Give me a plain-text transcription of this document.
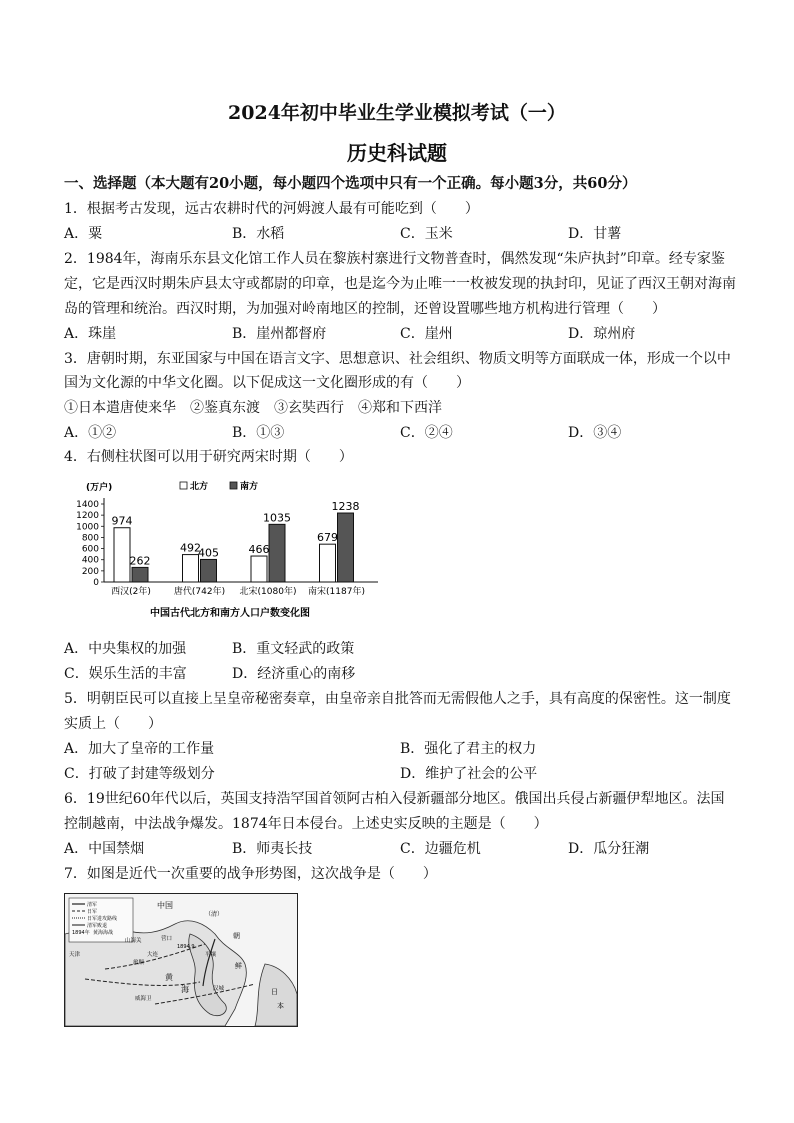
2024年初中毕业生学业模拟考试（一）
历史科试题
一、选择题（本大题有20小题，每小题四个选项中只有一个正确。每小题3分，共60分）
1．根据考古发现，远古农耕时代的河姆渡人最有可能吃到（　　）
A．粟	B．水稻	C．玉米	D．甘薯
2．1984年，海南乐东县文化馆工作人员在黎族村寨进行文物普查时，偶然发现“朱庐执封”印章。经专家鉴
定，它是西汉时期朱庐县太守或都尉的印章，也是迄今为止唯一一枚被发现的执封印，见证了西汉王朝对海南
岛的管理和统治。西汉时期，为加强对岭南地区的控制，还曾设置哪些地方机构进行管理（　　）
A．珠崖	B．崖州都督府	C．崖州	D．琼州府
3．唐朝时期，东亚国家与中国在语言文字、思想意识、社会组织、物质文明等方面联成一体，形成一个以中
国为文化源的中华文化圈。以下促成这一文化圈形成的有（　　）
①日本遣唐使来华　②鉴真东渡　③玄奘西行　④郑和下西洋
A．①②	B．①③	C．②④	D．③④
4．右侧柱状图可以用于研究两宋时期（　　）
(万户)	北方	南方
0
200
400
600
800
1000
1200
1400
974
262
西汉(2年)
492
405
唐代(742年)
466
1035
北宋(1080年)
679
1238
南宋(1187年)
中国古代北方和南方人口户数变化图
A．中央集权的加强	B．重文轻武的政策
C．娱乐生活的丰富	D．经济重心的南移
5．明朝臣民可以直接上呈皇帝秘密奏章，由皇帝亲自批答而无需假他人之手，具有高度的保密性。这一制度
实质上（　　）
A．加大了皇帝的工作量	B．强化了君主的权力
C．打破了封建等级划分	D．维护了社会的公平
6．19世纪60年代以后，英国支持浩罕国首领阿古柏入侵新疆部分地区。俄国出兵侵占新疆伊犁地区。法国
控制越南，中法战争爆发。1874年日本侵台。上述史实反映的主题是（　　）
A．中国禁烟	B．师夷长技	C．边疆危机	D．瓜分狂潮
7．如图是近代一次重要的战争形势图，这次战争是（　　）
清军
日军
日军进攻路线
清军败退
1894年 黄海海战
中国
（清）
朝
鲜
山海关	营口
大连
旅顺
黄
海
平壤
汉城
1894.9
日
本
威海卫
天津
